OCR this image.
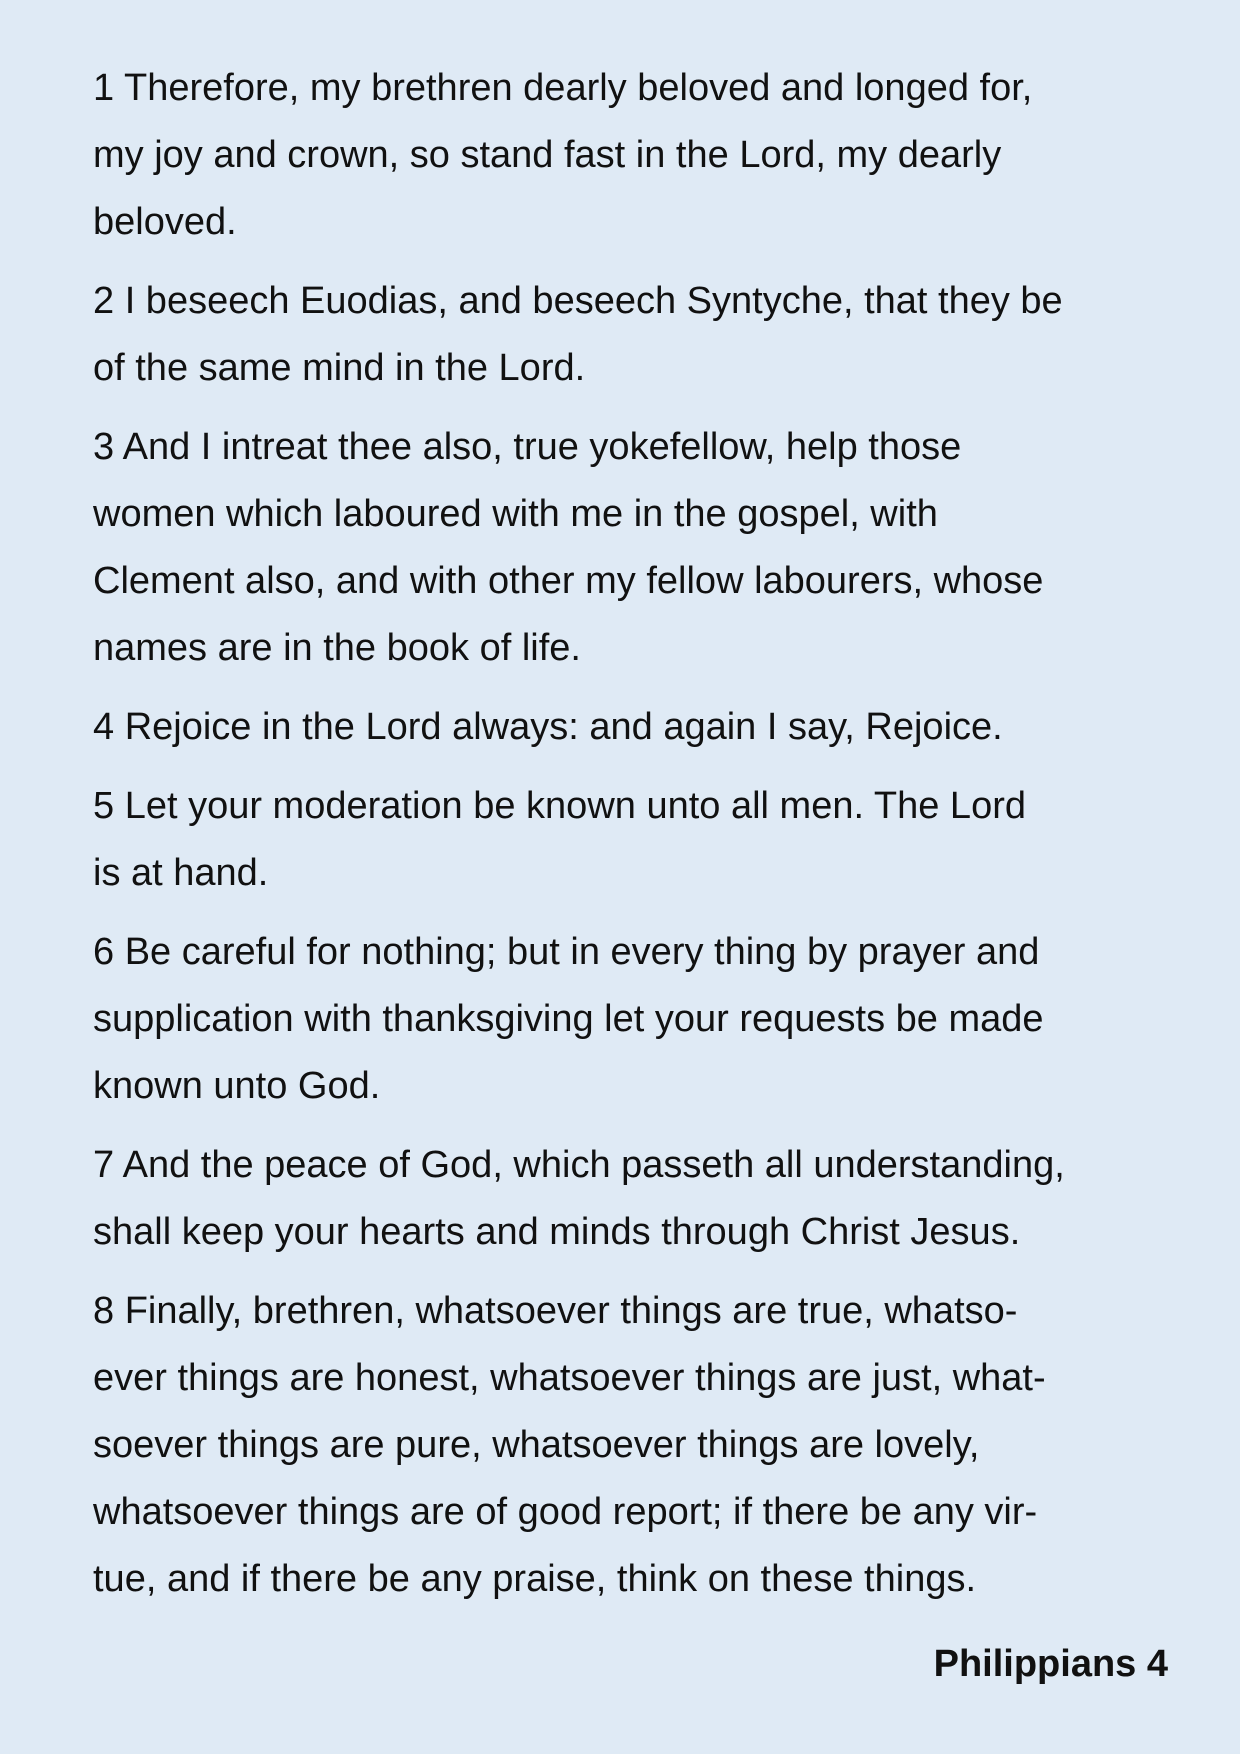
1 Therefore, my brethren dearly beloved and longed for,
my joy and crown, so stand fast in the Lord, my dearly
beloved.
2 I beseech Euodias, and beseech Syntyche, that they be
of the same mind in the Lord.
3 And I intreat thee also, true yokefellow, help those
women which laboured with me in the gospel, with
Clement also, and with other my fellow labourers, whose
names are in the book of life.
4 Rejoice in the Lord always: and again I say, Rejoice.
5 Let your moderation be known unto all men. The Lord
is at hand.
6 Be careful for nothing; but in every thing by prayer and
supplication with thanksgiving let your requests be made
known unto God.
7 And the peace of God, which passeth all understanding,
shall keep your hearts and minds through Christ Jesus.
8 Finally, brethren, whatsoever things are true, whatso-
ever things are honest, whatsoever things are just, what-
soever things are pure, whatsoever things are lovely,
whatsoever things are of good report; if there be any vir-
tue, and if there be any praise, think on these things.
Philippians 4
